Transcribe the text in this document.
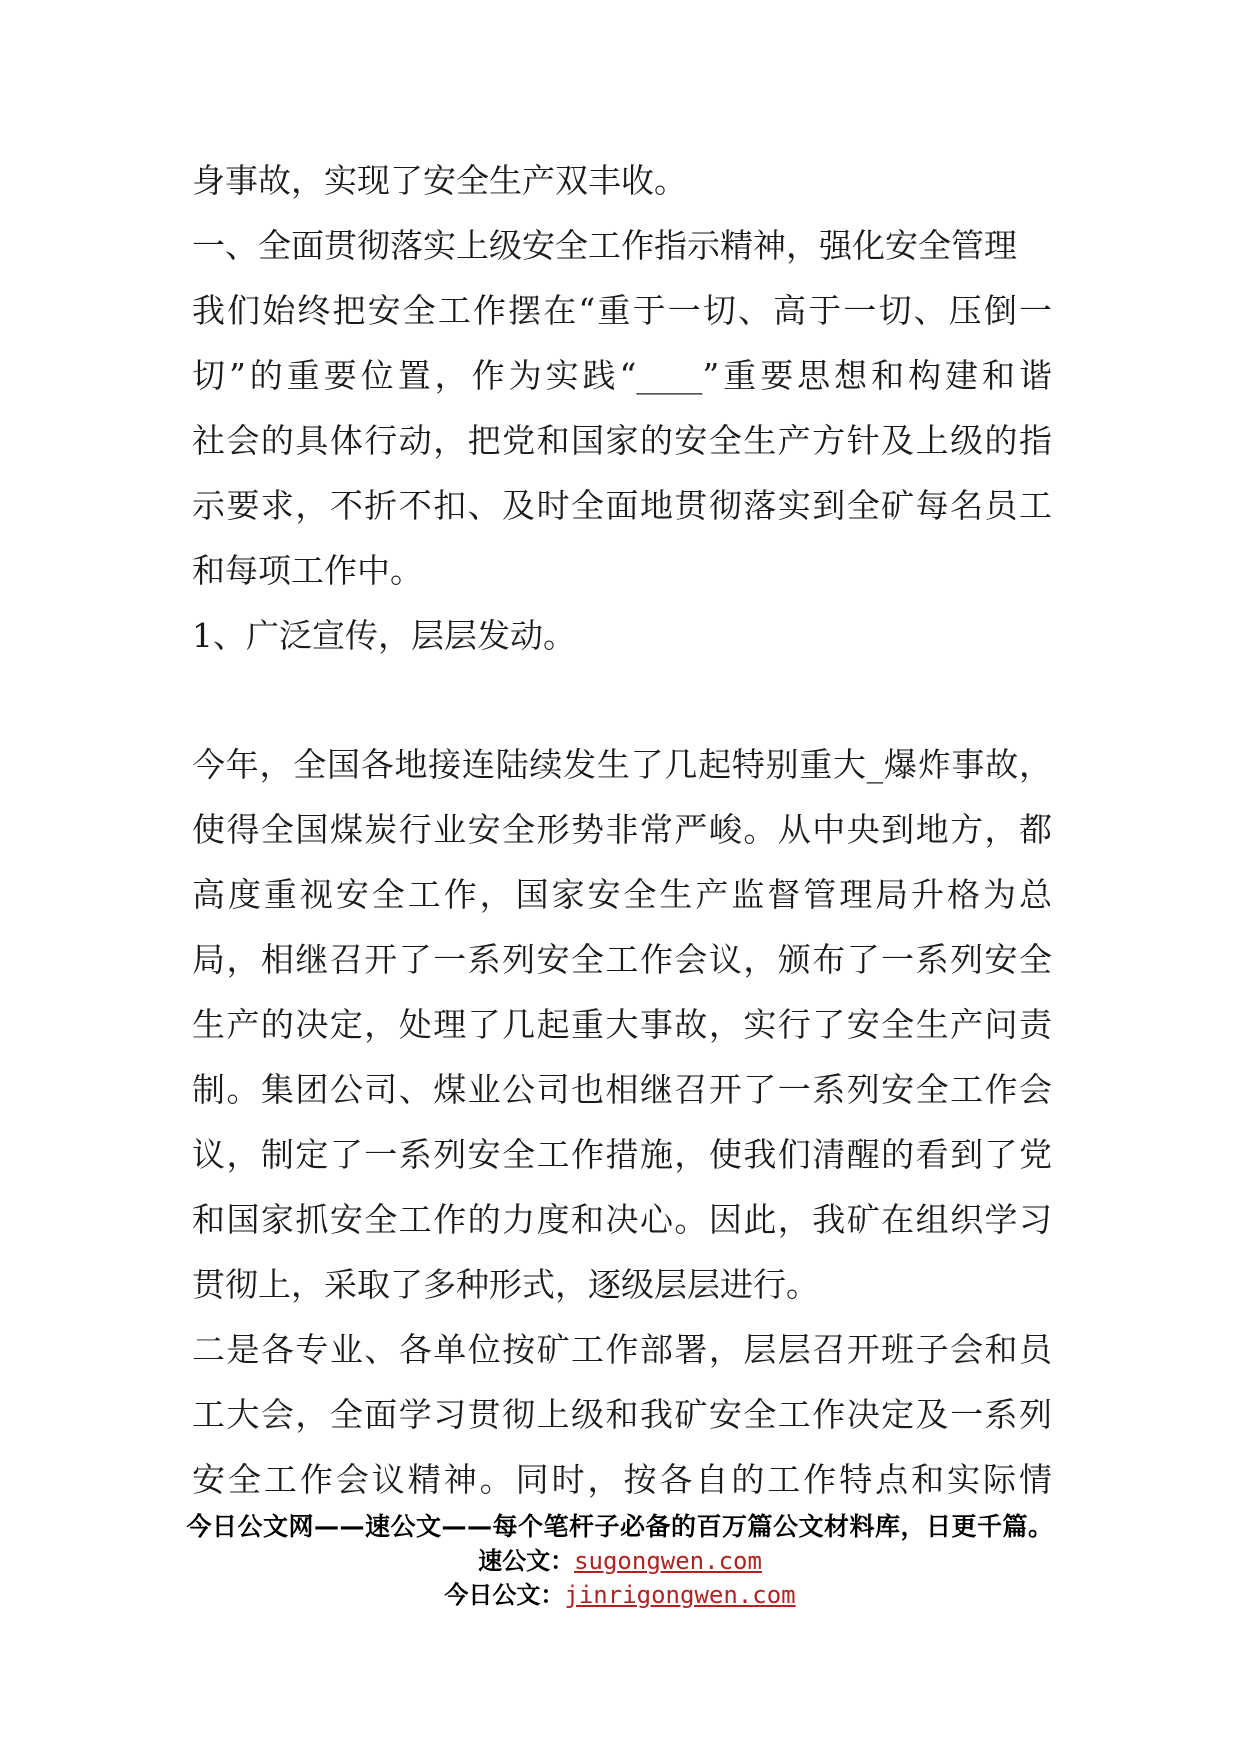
身事故，实现了安全生产双丰收。
一、全面贯彻落实上级安全工作指示精神，强化安全管理
我们始终把安全工作摆在“重于一切、高于一切、压倒一
切”的重要位置，作为实践“____”重要思想和构建和谐
社会的具体行动，把党和国家的安全生产方针及上级的指
示要求，不折不扣、及时全面地贯彻落实到全矿每名员工
和每项工作中。
1、广泛宣传，层层发动。
今年，全国各地接连陆续发生了几起特别重大_爆炸事故，
使得全国煤炭行业安全形势非常严峻。从中央到地方，都
高度重视安全工作，国家安全生产监督管理局升格为总
局，相继召开了一系列安全工作会议，颁布了一系列安全
生产的决定，处理了几起重大事故，实行了安全生产问责
制。集团公司、煤业公司也相继召开了一系列安全工作会
议，制定了一系列安全工作措施，使我们清醒的看到了党
和国家抓安全工作的力度和决心。因此，我矿在组织学习
贯彻上，采取了多种形式，逐级层层进行。
二是各专业、各单位按矿工作部署，层层召开班子会和员
工大会，全面学习贯彻上级和我矿安全工作决定及一系列
安全工作会议精神。同时，按各自的工作特点和实际情
今日公文网——速公文——每个笔杆子必备的百万篇公文材料库，日更千篇。
速公文：sugongwen.com
今日公文：jinrigongwen.com
